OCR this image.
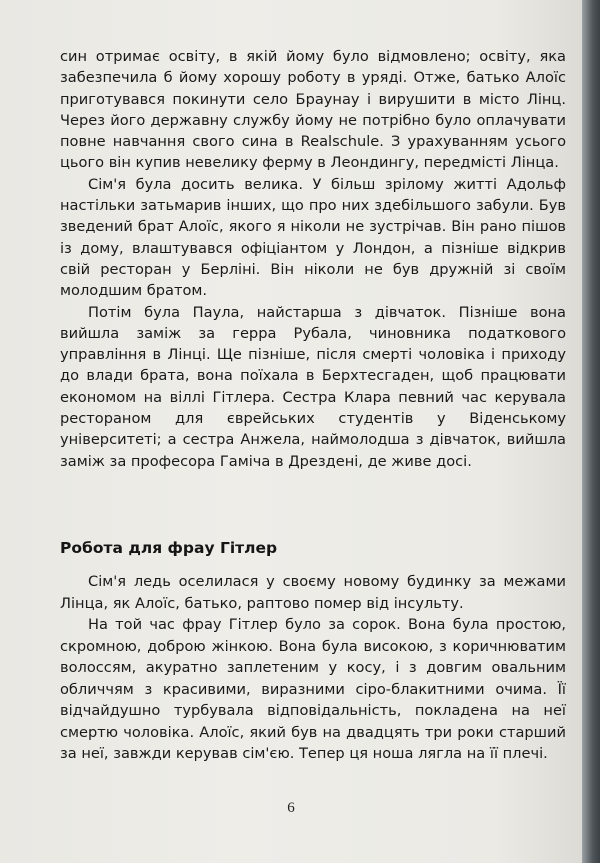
син отримає освіту, в якій йому було відмовлено; освіту, яка забезпечила б йому хорошу роботу в уряді. Отже, батько Алоїс приготувався покинути село Браунау і вирушити в місто Лінц. Через його державну службу йому не потрібно було оплачувати повне навчання свого сина в Realschule. З урахуванням усього цього він купив невелику ферму в Леондингу, передмісті Лінца.

Сім'я була досить велика. У більш зрілому житті Адольф настільки затьмарив інших, що про них здебільшого забули. Був зведений брат Алоїс, якого я ніколи не зустрічав. Він рано пішов із дому, влаштувався офіціантом у Лондон, а пізніше відкрив свій ресторан у Берліні. Він ніколи не був дружній зі своїм молодшим братом.

Потім була Паула, найстарша з дівчаток. Пізніше вона вийшла заміж за герра Рубала, чиновника податкового управління в Лінці. Ще пізніше, після смерті чоловіка і приходу до влади брата, вона поїхала в Берхтесгаден, щоб працювати економом на віллі Гітлера. Сестра Клара певний час керувала рестораном для єврейських студентів у Віденському університеті; а сестра Анжела, наймолодша з дівчаток, вийшла заміж за професора Гаміча в Дрездені, де живе досі.

Робота для фрау Гітлер

Сім'я ледь оселилася у своєму новому будинку за межами Лінца, як Алоїс, батько, раптово помер від інсульту.

На той час фрау Гітлер було за сорок. Вона була простою, скромною, доброю жінкою. Вона була високою, з коричнюватим волоссям, акуратно заплетеним у косу, і з довгим овальним обличчям з красивими, виразними сіро-блакитними очима. Її відчайдушно турбувала відповідальність, покладена на неї смертю чоловіка. Алоїс, який був на двадцять три роки старший за неї, завжди керував сім'єю. Тепер ця ноша лягла на її плечі.

6
